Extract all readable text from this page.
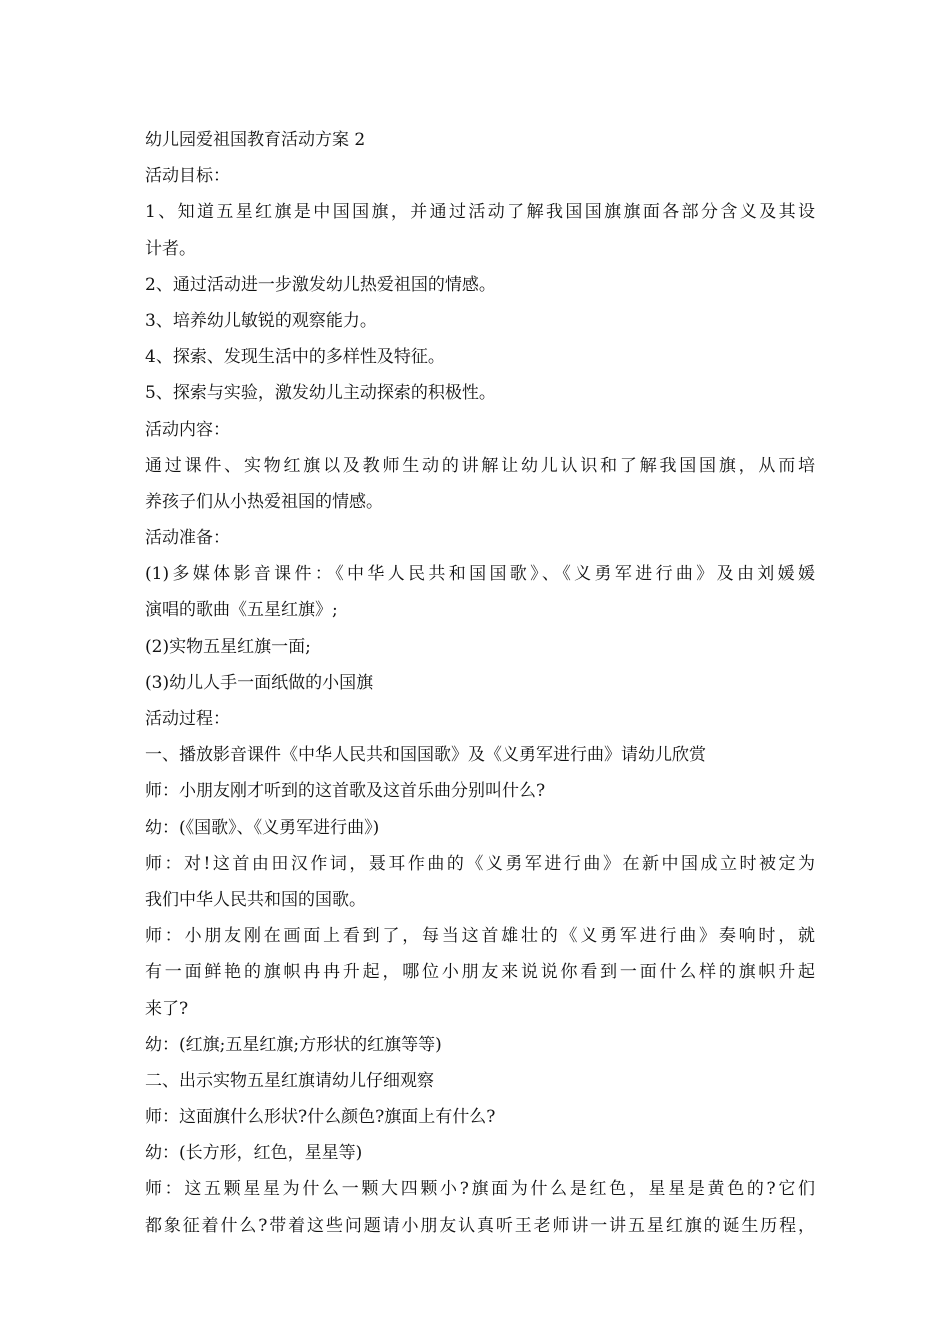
幼儿园爱祖国教育活动方案 2
活动目标：
1、知道五星红旗是中国国旗，并通过活动了解我国国旗旗面各部分含义及其设
计者。
2、通过活动进一步激发幼儿热爱祖国的情感。
3、培养幼儿敏锐的观察能力。
4、探索、发现生活中的多样性及特征。
5、探索与实验，激发幼儿主动探索的积极性。
活动内容：
通过课件、实物红旗以及教师生动的讲解让幼儿认识和了解我国国旗，从而培
养孩子们从小热爱祖国的情感。
活动准备：
(1)多媒体影音课件：《中华人民共和国国歌》、《义勇军进行曲》及由刘媛媛
演唱的歌曲《五星红旗》;
(2)实物五星红旗一面;
(3)幼儿人手一面纸做的小国旗
活动过程：
一、播放影音课件《中华人民共和国国歌》及《义勇军进行曲》请幼儿欣赏
师：小朋友刚才听到的这首歌及这首乐曲分别叫什么?
幼：(《国歌》、《义勇军进行曲》)
师：对!这首由田汉作词，聂耳作曲的《义勇军进行曲》在新中国成立时被定为
我们中华人民共和国的国歌。
师：小朋友刚在画面上看到了，每当这首雄壮的《义勇军进行曲》奏响时，就
有一面鲜艳的旗帜冉冉升起，哪位小朋友来说说你看到一面什么样的旗帜升起
来了?
幼：(红旗;五星红旗;方形状的红旗等等)
二、出示实物五星红旗请幼儿仔细观察
师：这面旗什么形状?什么颜色?旗面上有什么?
幼：(长方形，红色，星星等)
师：这五颗星星为什么一颗大四颗小?旗面为什么是红色，星星是黄色的?它们
都象征着什么?带着这些问题请小朋友认真听王老师讲一讲五星红旗的诞生历程，
